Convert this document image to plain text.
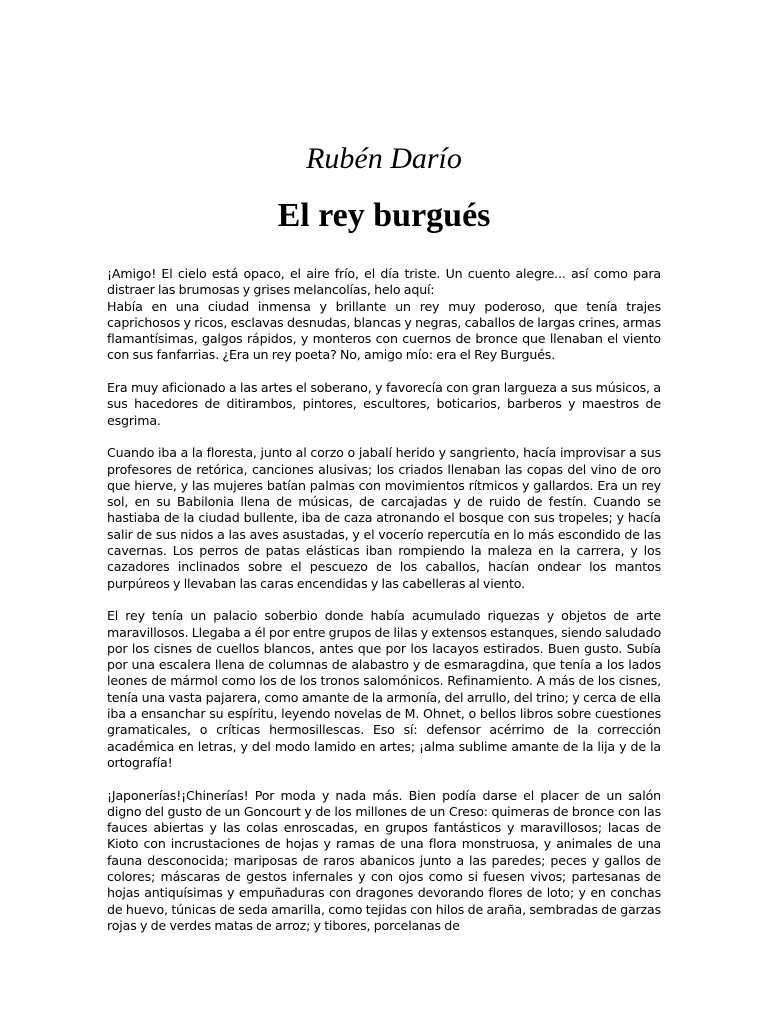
Rubén Darío
El rey burgués

¡Amigo! El cielo está opaco, el aire frío, el día triste. Un cuento alegre... así como para distraer las brumosas y grises melancolías, helo aquí:

Había en una ciudad inmensa y brillante un rey muy poderoso, que tenía trajes caprichosos y ricos, esclavas desnudas, blancas y negras, caballos de largas crines, armas flamantísimas, galgos rápidos, y monteros con cuernos de bronce que llenaban el viento con sus fanfarrias. ¿Era un rey poeta? No, amigo mío: era el Rey Burgués.

Era muy aficionado a las artes el soberano, y favorecía con gran largueza a sus músicos, a sus hacedores de ditirambos, pintores, escultores, boticarios, barberos y maestros de esgrima.

Cuando iba a la floresta, junto al corzo o jabalí herido y sangriento, hacía improvisar a sus profesores de retórica, canciones alusivas; los criados llenaban las copas del vino de oro que hierve, y las mujeres batían palmas con movimientos rítmicos y gallardos. Era un rey sol, en su Babilonia llena de músicas, de carcajadas y de ruido de festín. Cuando se hastiaba de la ciudad bullente, iba de caza atronando el bosque con sus tropeles; y hacía salir de sus nidos a las aves asustadas, y el vocerío repercutía en lo más escondido de las cavernas. Los perros de patas elásticas iban rompiendo la maleza en la carrera, y los cazadores inclinados sobre el pescuezo de los caballos, hacían ondear los mantos purpúreos y llevaban las caras encendidas y las cabelleras al viento.

El rey tenía un palacio soberbio donde había acumulado riquezas y objetos de arte maravillosos. Llegaba a él por entre grupos de lilas y extensos estanques, siendo saludado por los cisnes de cuellos blancos, antes que por los lacayos estirados. Buen gusto. Subía por una escalera llena de columnas de alabastro y de esmaragdina, que tenía a los lados leones de mármol como los de los tronos salomónicos. Refinamiento. A más de los cisnes, tenía una vasta pajarera, como amante de la armonía, del arrullo, del trino; y cerca de ella iba a ensanchar su espíritu, leyendo novelas de M. Ohnet, o bellos libros sobre cuestiones gramaticales, o críticas hermosillescas. Eso sí: defensor acérrimo de la corrección académica en letras, y del modo lamido en artes; ¡alma sublime amante de la lija y de la ortografía!

¡Japonerías!¡Chinerías! Por moda y nada más. Bien podía darse el placer de un salón digno del gusto de un Goncourt y de los millones de un Creso: quimeras de bronce con las fauces abiertas y las colas enroscadas, en grupos fantásticos y maravillosos; lacas de Kioto con incrustaciones de hojas y ramas de una flora monstruosa, y animales de una fauna desconocida; mariposas de raros abanicos junto a las paredes; peces y gallos de colores; máscaras de gestos infernales y con ojos como si fuesen vivos; partesanas de hojas antiquísimas y empuñaduras con dragones devorando flores de loto; y en conchas de huevo, túnicas de seda amarilla, como tejidas con hilos de araña, sembradas de garzas rojas y de verdes matas de arroz; y tibores, porcelanas de
